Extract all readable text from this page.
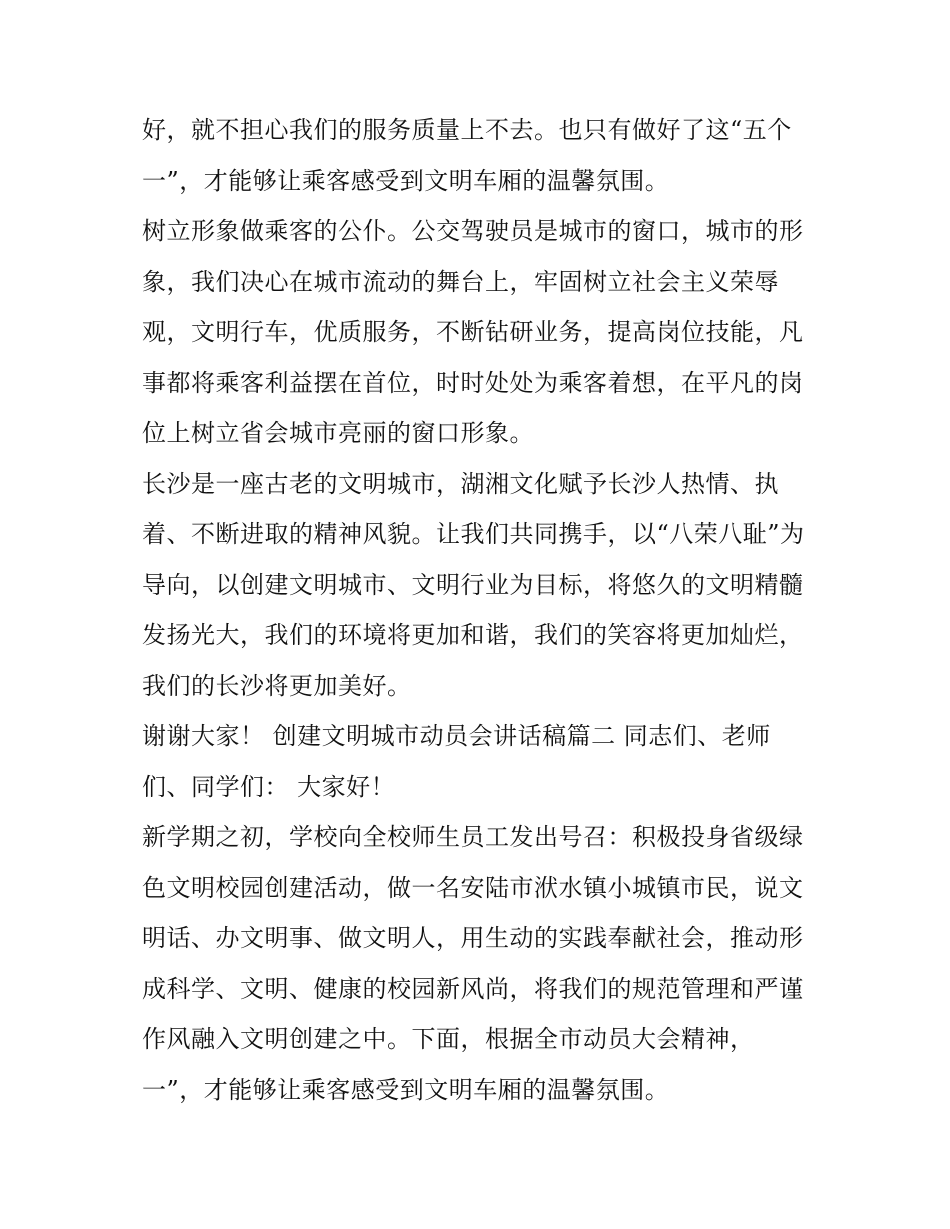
好，就不担心我们的服务质量上不去。也只有做好了这“五个
一”，才能够让乘客感受到文明车厢的温馨氛围。
树立形象做乘客的公仆。公交驾驶员是城市的窗口，城市的形
象，我们决心在城市流动的舞台上，牢固树立社会主义荣辱
观，文明行车，优质服务，不断钻研业务，提高岗位技能，凡
事都将乘客利益摆在首位，时时处处为乘客着想，在平凡的岗
位上树立省会城市亮丽的窗口形象。
长沙是一座古老的文明城市，湖湘文化赋予长沙人热情、执
着、不断进取的精神风貌。让我们共同携手，以“八荣八耻”为
导向，以创建文明城市、文明行业为目标，将悠久的文明精髓
发扬光大，我们的环境将更加和谐，我们的笑容将更加灿烂，
我们的长沙将更加美好。
谢谢大家！ 创建文明城市动员会讲话稿篇二 同志们、老师
们、同学们： 大家好！
新学期之初，学校向全校师生员工发出号召：积极投身省级绿
色文明校园创建活动，做一名安陆市洑水镇小城镇市民，说文
明话、办文明事、做文明人，用生动的实践奉献社会，推动形
成科学、文明、健康的校园新风尚，将我们的规范管理和严谨
作风融入文明创建之中。下面，根据全市动员大会精神，
一”，才能够让乘客感受到文明车厢的温馨氛围。
